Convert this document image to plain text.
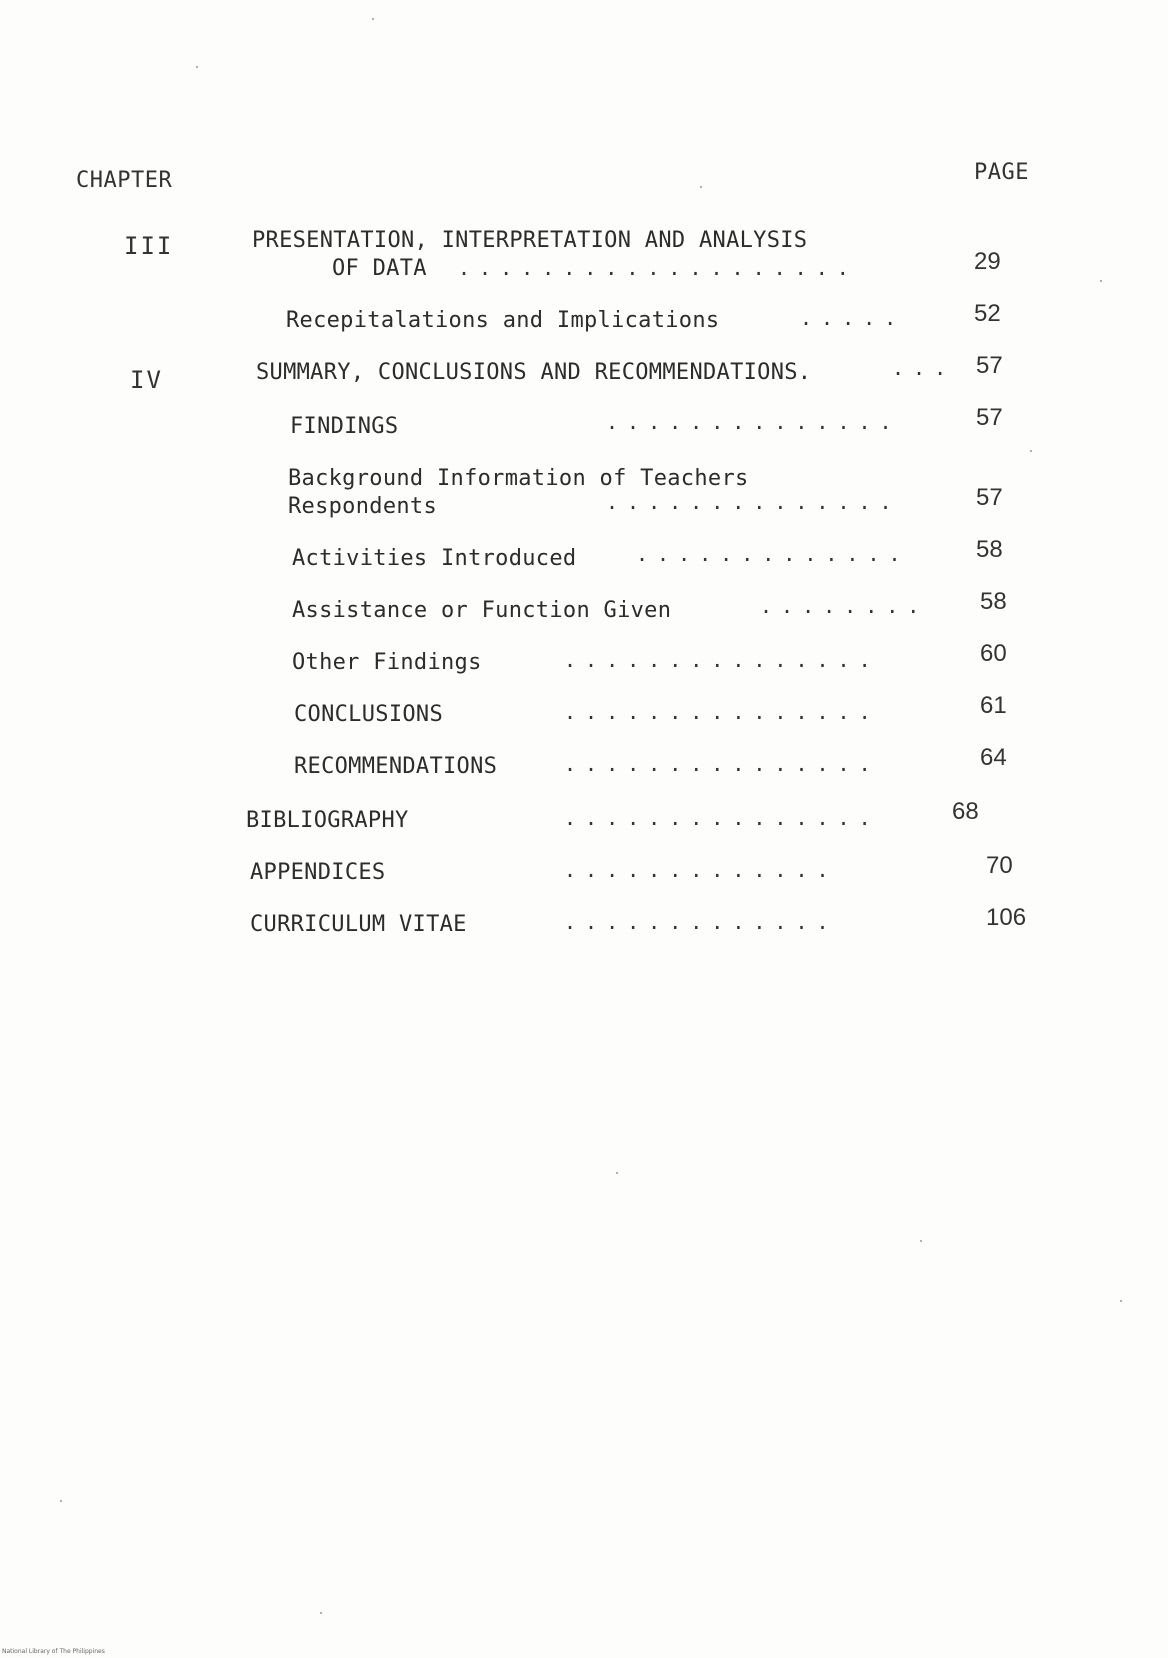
CHAPTER	PAGE
III	PRESENTATION, INTERPRETATION AND ANALYSIS
OF DATA ...................	29
Recepitalations and Implications	.....	52
IV	SUMMARY, CONCLUSIONS AND RECOMMENDATIONS.	... 57
FINDINGS	..............	57
Background Information of Teachers
Respondents	..............	57
Activities Introduced	.............	58
Assistance or Function Given	........ 58
Other Findings	...............	60
CONCLUSIONS	...............	61
RECOMMENDATIONS	...............	64
BIBLIOGRAPHY	...............	68
APPENDICES	.............	70
CURRICULUM VITAE	.............	106
National Library of The Philippines
